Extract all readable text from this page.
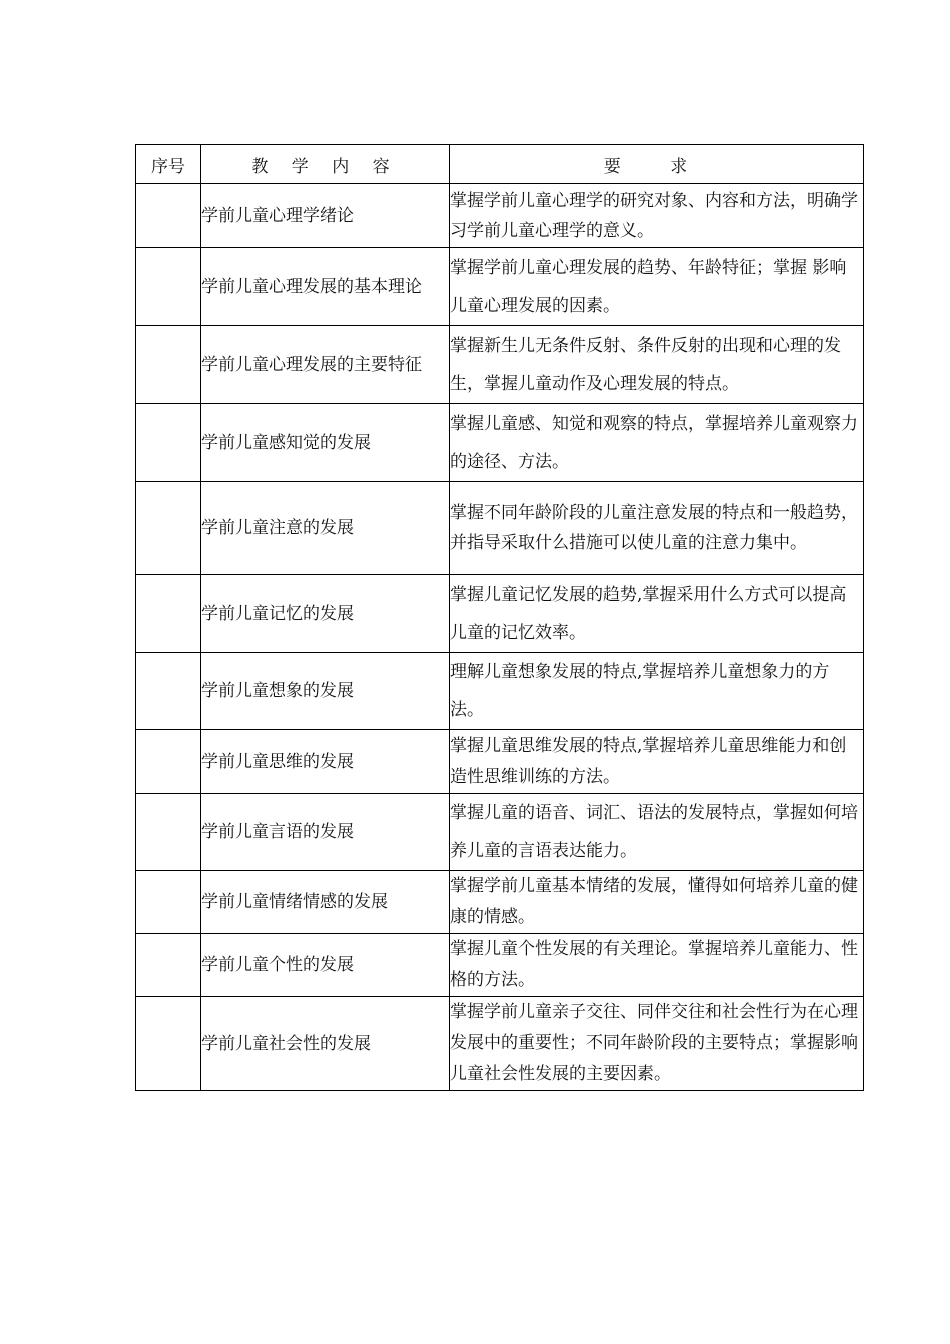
序号	教 学 内 容	要 求
	学前儿童心理学绪论	掌握学前儿童心理学的研究对象、内容和方法，明确学习学前儿童心理学的意义。
	学前儿童心理发展的基本理论	掌握学前儿童心理发展的趋势、年龄特征；掌握 影响儿童心理发展的因素。
	学前儿童心理发展的主要特征	掌握新生儿无条件反射、条件反射的出现和心理的发生，掌握儿童动作及心理发展的特点。
	学前儿童感知觉的发展	掌握儿童感、知觉和观察的特点，掌握培养儿童观察力的途径、方法。
	学前儿童注意的发展	掌握不同年龄阶段的儿童注意发展的特点和一般趋势，并指导采取什么措施可以使儿童的注意力集中。
	学前儿童记忆的发展	掌握儿童记忆发展的趋势,掌握采用什么方式可以提高儿童的记忆效率。
	学前儿童想象的发展	理解儿童想象发展的特点,掌握培养儿童想象力的方法。
	学前儿童思维的发展	掌握儿童思维发展的特点,掌握培养儿童思维能力和创造性思维训练的方法。
	学前儿童言语的发展	掌握儿童的语音、词汇、语法的发展特点，掌握如何培养儿童的言语表达能力。
	学前儿童情绪情感的发展	掌握学前儿童基本情绪的发展，懂得如何培养儿童的健康的情感。
	学前儿童个性的发展	掌握儿童个性发展的有关理论。掌握培养儿童能力、性格的方法。
	学前儿童社会性的发展	掌握学前儿童亲子交往、同伴交往和社会性行为在心理发展中的重要性；不同年龄阶段的主要特点；掌握影响儿童社会性发展的主要因素。
